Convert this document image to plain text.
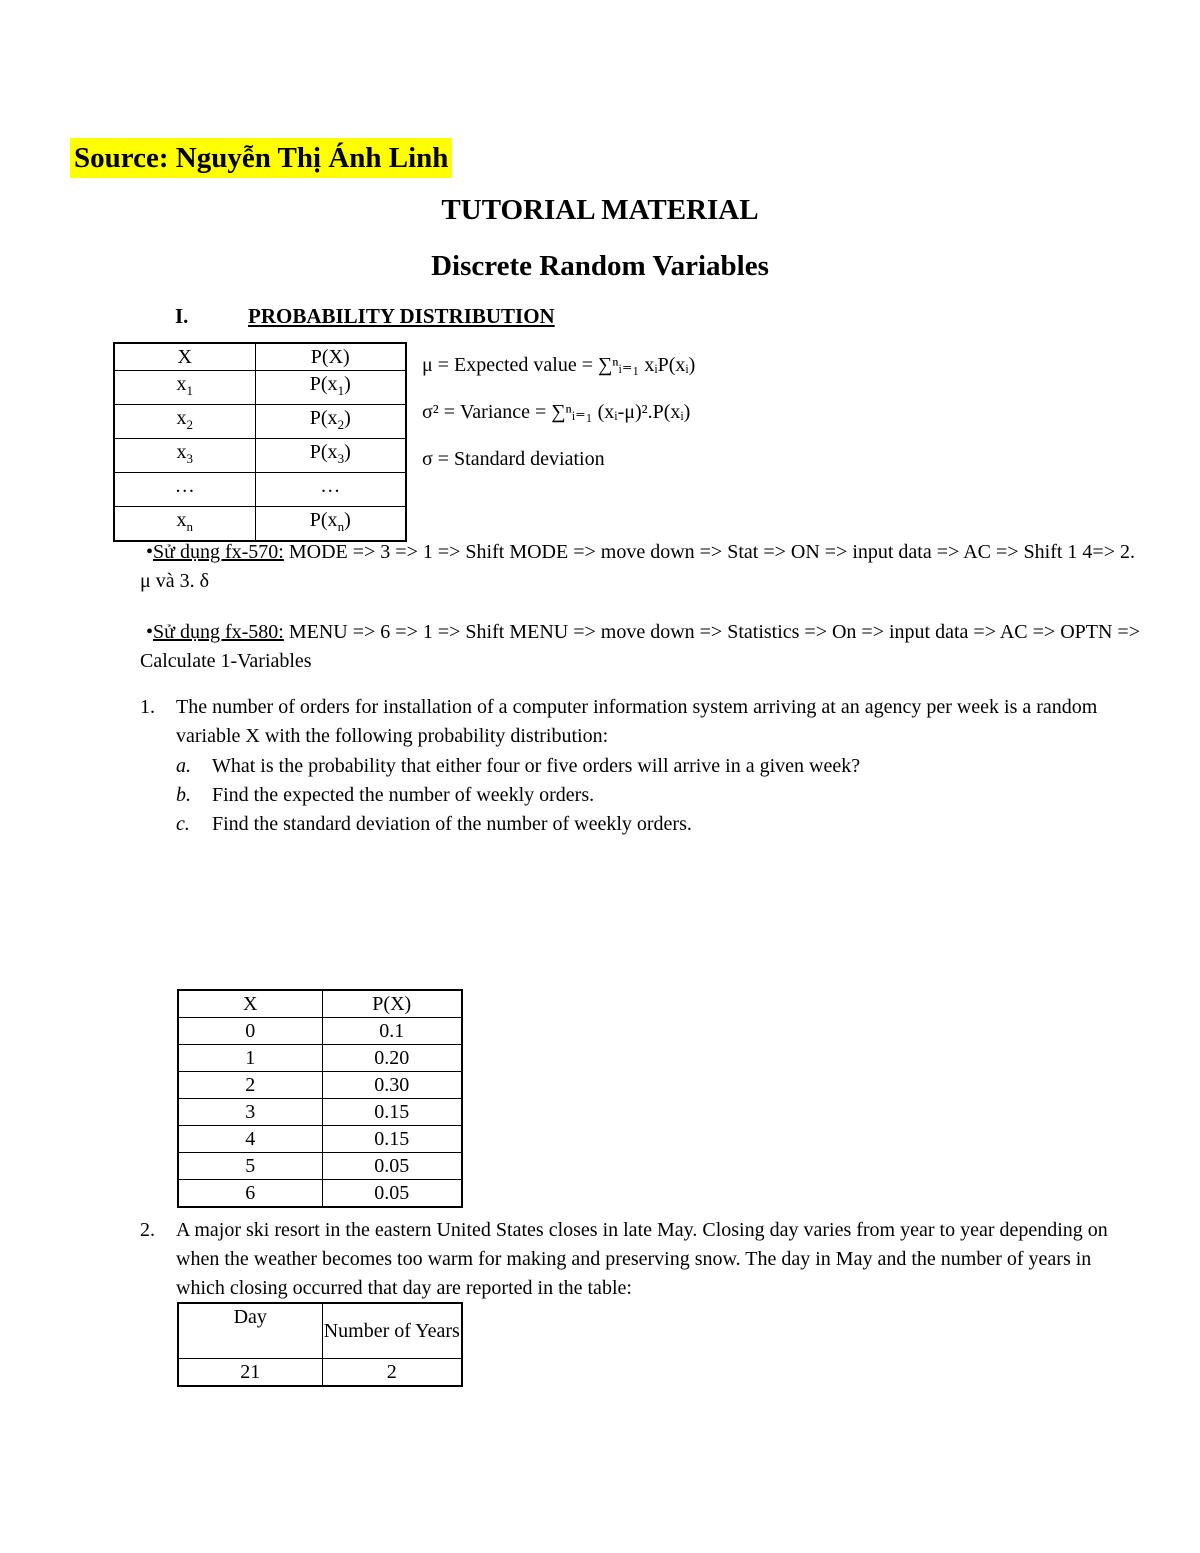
Source: Nguyễn Thị Ánh Linh
TUTORIAL MATERIAL
Discrete Random Variables
I.	PROBABILITY DISTRIBUTION
X	P(X)
$x_1$	$P(x_1)$
$x_2$	$P(x_2)$
$x_3$	$P(x_3)$
…	…
$x_n$	$P(x_n)$
μ = Expected value = ∑ⁿᵢ₌₁ xᵢP(xᵢ)
σ² = Variance = ∑ⁿᵢ₌₁ (xᵢ-μ)².P(xᵢ)
σ = Standard deviation
•Sử dụng fx-570: MODE => 3 => 1 => Shift MODE => move down => Stat => ON => input data => AC => Shift 1 4=> 2. μ và 3. δ
•Sử dụng fx-580: MENU => 6 => 1 => Shift MENU => move down => Statistics => On => input data => AC => OPTN => Calculate 1-Variables
1. The number of orders for installation of a computer information system arriving at an agency per week is a random variable X with the following probability distribution:
a. What is the probability that either four or five orders will arrive in a given week?
b. Find the expected the number of weekly orders.
c. Find the standard deviation of the number of weekly orders.
X	P(X)
0	0.1
1	0.20
2	0.30
3	0.15
4	0.15
5	0.05
6	0.05
2. A major ski resort in the eastern United States closes in late May. Closing day varies from year to year depending on when the weather becomes too warm for making and preserving snow. The day in May and the number of years in which closing occurred that day are reported in the table:
Day	Number of Years
21	2
